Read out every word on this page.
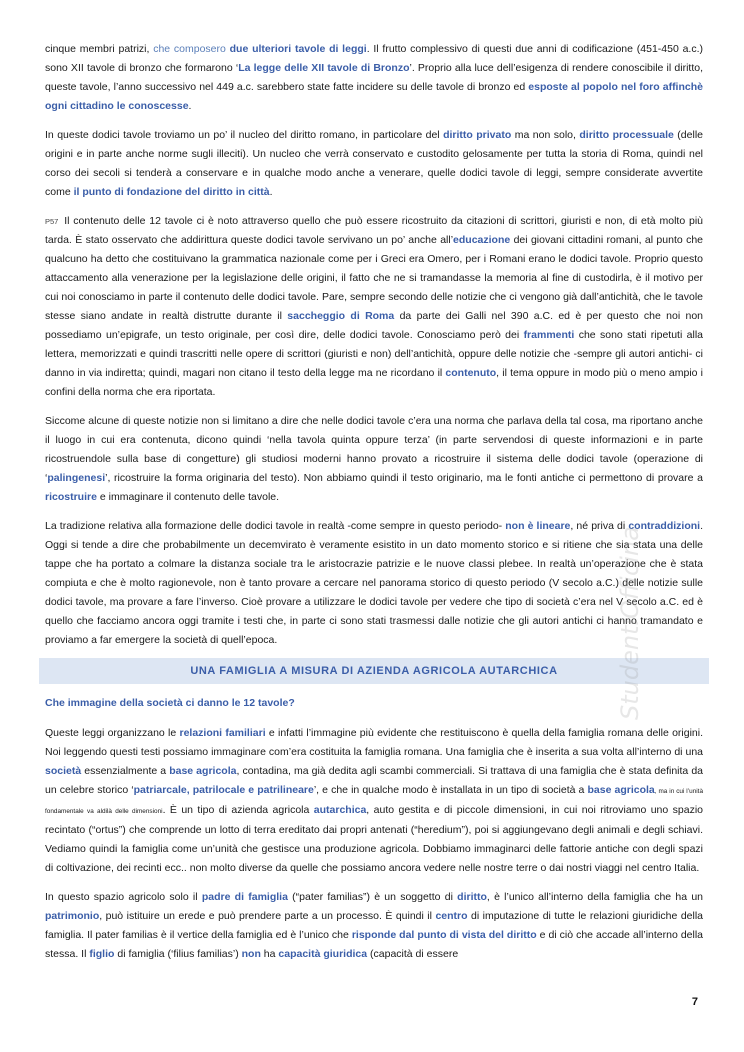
cinque membri patrizi, che composero due ulteriori tavole di leggi. Il frutto complessivo di questi due anni di codificazione (451-450 a.c.) sono XII tavole di bronzo che formarono ‘La legge delle XII tavole di Bronzo’. Proprio alla luce dell’esigenza di rendere conoscibile il diritto, queste tavole, l’anno successivo nel 449 a.c. sarebbero state fatte incidere su delle tavole di bronzo ed esposte al popolo nel foro affinchè ogni cittadino le conoscesse.

In queste dodici tavole troviamo un po’ il nucleo del diritto romano, in particolare del diritto privato ma non solo, diritto processuale (delle origini e in parte anche norme sugli illeciti). Un nucleo che verrà conservato e custodito gelosamente per tutta la storia di Roma, quindi nel corso dei secoli si tenderà a conservare e in qualche modo anche a venerare, quelle dodici tavole di leggi, sempre considerate avvertite come il punto di fondazione del diritto in città.

P57 Il contenuto delle 12 tavole ci è noto attraverso quello che può essere ricostruito da citazioni di scrittori, giuristi e non, di età molto più tarda. È stato osservato che addirittura queste dodici tavole servivano un po’ anche all’educazione dei giovani cittadini romani, al punto che qualcuno ha detto che costituivano la grammatica nazionale come per i Greci era Omero, per i Romani erano le dodici tavole. Proprio questo attaccamento alla venerazione per la legislazione delle origini, il fatto che ne si tramandasse la memoria al fine di custodirla, è il motivo per cui noi conosciamo in parte il contenuto delle dodici tavole. Pare, sempre secondo delle notizie che ci vengono già dall’antichità, che le tavole stesse siano andate in realtà distrutte durante il saccheggio di Roma da parte dei Galli nel 390 a.C. ed è per questo che noi non possediamo un’epigrafe, un testo originale, per così dire, delle dodici tavole. Conosciamo però dei frammenti che sono stati ripetuti alla lettera, memorizzati e quindi trascritti nelle opere di scrittori (giuristi e non) dell’antichità, oppure delle notizie che -sempre gli autori antichi- ci danno in via indiretta; quindi, magari non citano il testo della legge ma ne ricordano il contenuto, il tema oppure in modo più o meno ampio i confini della norma che era riportata.

Siccome alcune di queste notizie non si limitano a dire che nelle dodici tavole c’era una norma che parlava della tal cosa, ma riportano anche il luogo in cui era contenuta, dicono quindi ‘nella tavola quinta oppure terza’ (in parte servendosi di queste informazioni e in parte ricostruendole sulla base di congetture) gli studiosi moderni hanno provato a ricostruire il sistema delle dodici tavole (operazione di ‘palingenesi’, ricostruire la forma originaria del testo). Non abbiamo quindi il testo originario, ma le fonti antiche ci permettono di provare a ricostruire e immaginare il contenuto delle tavole.

La tradizione relativa alla formazione delle dodici tavole in realtà -come sempre in questo periodo- non è lineare, né priva di contraddizioni. Oggi si tende a dire che probabilmente un decemvirato è veramente esistito in un dato momento storico e si ritiene che sia stata una delle tappe che ha portato a colmare la distanza sociale tra le aristocrazie patrizie e le nuove classi plebee. In realtà un’operazione che è stata compiuta e che è molto ragionevole, non è tanto provare a cercare nel panorama storico di questo periodo (V secolo a.C.) delle notizie sulle dodici tavole, ma provare a fare l’inverso. Cioè provare a utilizzare le dodici tavole per vedere che tipo di società c’era nel V secolo a.C. ed è quello che facciamo ancora oggi tramite i testi che, in parte ci sono stati trasmessi dalle notizie che gli autori antichi ci hanno tramandato e proviamo a far emergere la società di quell’epoca.

UNA FAMIGLIA A MISURA DI AZIENDA AGRICOLA AUTARCHICA
Che immagine della società ci danno le 12 tavole?

Queste leggi organizzano le relazioni familiari e infatti l’immagine più evidente che restituiscono è quella della famiglia romana delle origini. Noi leggendo questi testi possiamo immaginare com’era costituita la famiglia romana. Una famiglia che è inserita a sua volta all’interno di una società essenzialmente a base agricola, contadina, ma già dedita agli scambi commerciali. Si trattava di una famiglia che è stata definita da un celebre storico ‘patriarcale, patrilocale e patrilineare’, e che in qualche modo è installata in un tipo di società a base agricola, ma in cui l’unità fondamentale va aldilà delle dimensioni. È un tipo di azienda agricola autarchica, auto gestita e di piccole dimensioni, in cui noi ritroviamo uno spazio recintato (“ortus”) che comprende un lotto di terra ereditato dai propri antenati (“heredium”), poi si aggiungevano degli animali e degli schiavi. Vediamo quindi la famiglia come un’unità che gestisce una produzione agricola. Dobbiamo immaginarci delle fattorie antiche con degli spazi di coltivazione, dei recinti ecc.. non molto diverse da quelle che possiamo ancora vedere nelle nostre terre o dai nostri viaggi nel centro Italia.

In questo spazio agricolo solo il padre di famiglia (“pater familias”) è un soggetto di diritto, è l’unico all’interno della famiglia che ha un patrimonio, può istituire un erede e può prendere parte a un processo. È quindi il centro di imputazione di tutte le relazioni giuridiche della famiglia. Il pater familias è il vertice della famiglia ed è l’unico che risponde dal punto di vista del diritto e di ciò che accade all’interno della stessa. Il figlio di famiglia (‘filius familias’) non ha capacità giuridica (capacità di essere

StudentiOfficina
7
